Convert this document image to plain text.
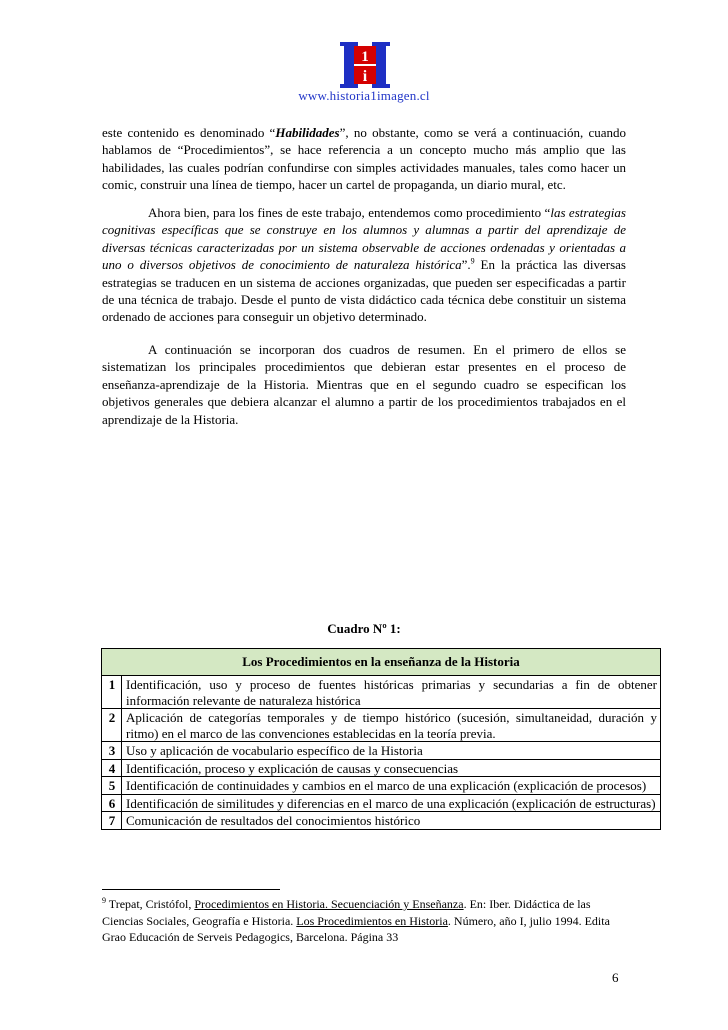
1
i
H
www.historia1imagen.cl
este contenido es denominado “Habilidades”, no obstante, como se verá a continuación, cuando hablamos de “Procedimientos”, se hace referencia a un concepto mucho más amplio que las habilidades, las cuales podrían confundirse con simples actividades manuales, tales como hacer un comic, construir una línea de tiempo, hacer un cartel de propaganda, un diario mural, etc.
Ahora bien, para los fines de este trabajo, entendemos como procedimiento “las estrategias cognitivas específicas que se construye en los alumnos y alumnas a partir del aprendizaje de diversas técnicas caracterizadas por un sistema observable de acciones ordenadas y orientadas a uno o diversos objetivos de conocimiento de naturaleza histórica”.$^9$ En la práctica las diversas estrategias se traducen en un sistema de acciones organizadas, que pueden ser especificadas a partir de una técnica de trabajo. Desde el punto de vista didáctico cada técnica debe constituir un sistema ordenado de acciones para conseguir un objetivo determinado.
A continuación se incorporan dos cuadros de resumen. En el primero de ellos se sistematizan los principales procedimientos que debieran estar presentes en el proceso de enseñanza-aprendizaje de la Historia. Mientras que en el segundo cuadro se especifican los objetivos generales que debiera alcanzar el alumno a partir de los procedimientos trabajados en el aprendizaje de la Historia.
Cuadro Nº 1:
Los Procedimientos en la enseñanza de la Historia	
1	Identificación, uso y proceso de fuentes históricas primarias y secundarias a fin de obtener información relevante de naturaleza histórica
2	Aplicación de categorías temporales y de tiempo histórico (sucesión, simultaneidad, duración y ritmo) en el marco de las convenciones establecidas en la teoría previa.
3	Uso y aplicación de vocabulario específico de la Historia
4	Identificación, proceso y explicación de causas y consecuencias
5	Identificación de continuidades y cambios en el marco de una explicación (explicación de procesos)
6	Identificación de similitudes y diferencias en el marco de una explicación (explicación de estructuras)
7	Comunicación de resultados del conocimientos histórico
$^9$ Trepat, Cristófol, Procedimientos en Historia. Secuenciación y Enseñanza. En: Iber. Didáctica de las Ciencias Sociales, Geografía e Historia. Los Procedimientos en Historia. Número, año I, julio 1994. Edita Grao Educación de Serveis Pedagogics, Barcelona. Página 33
6
